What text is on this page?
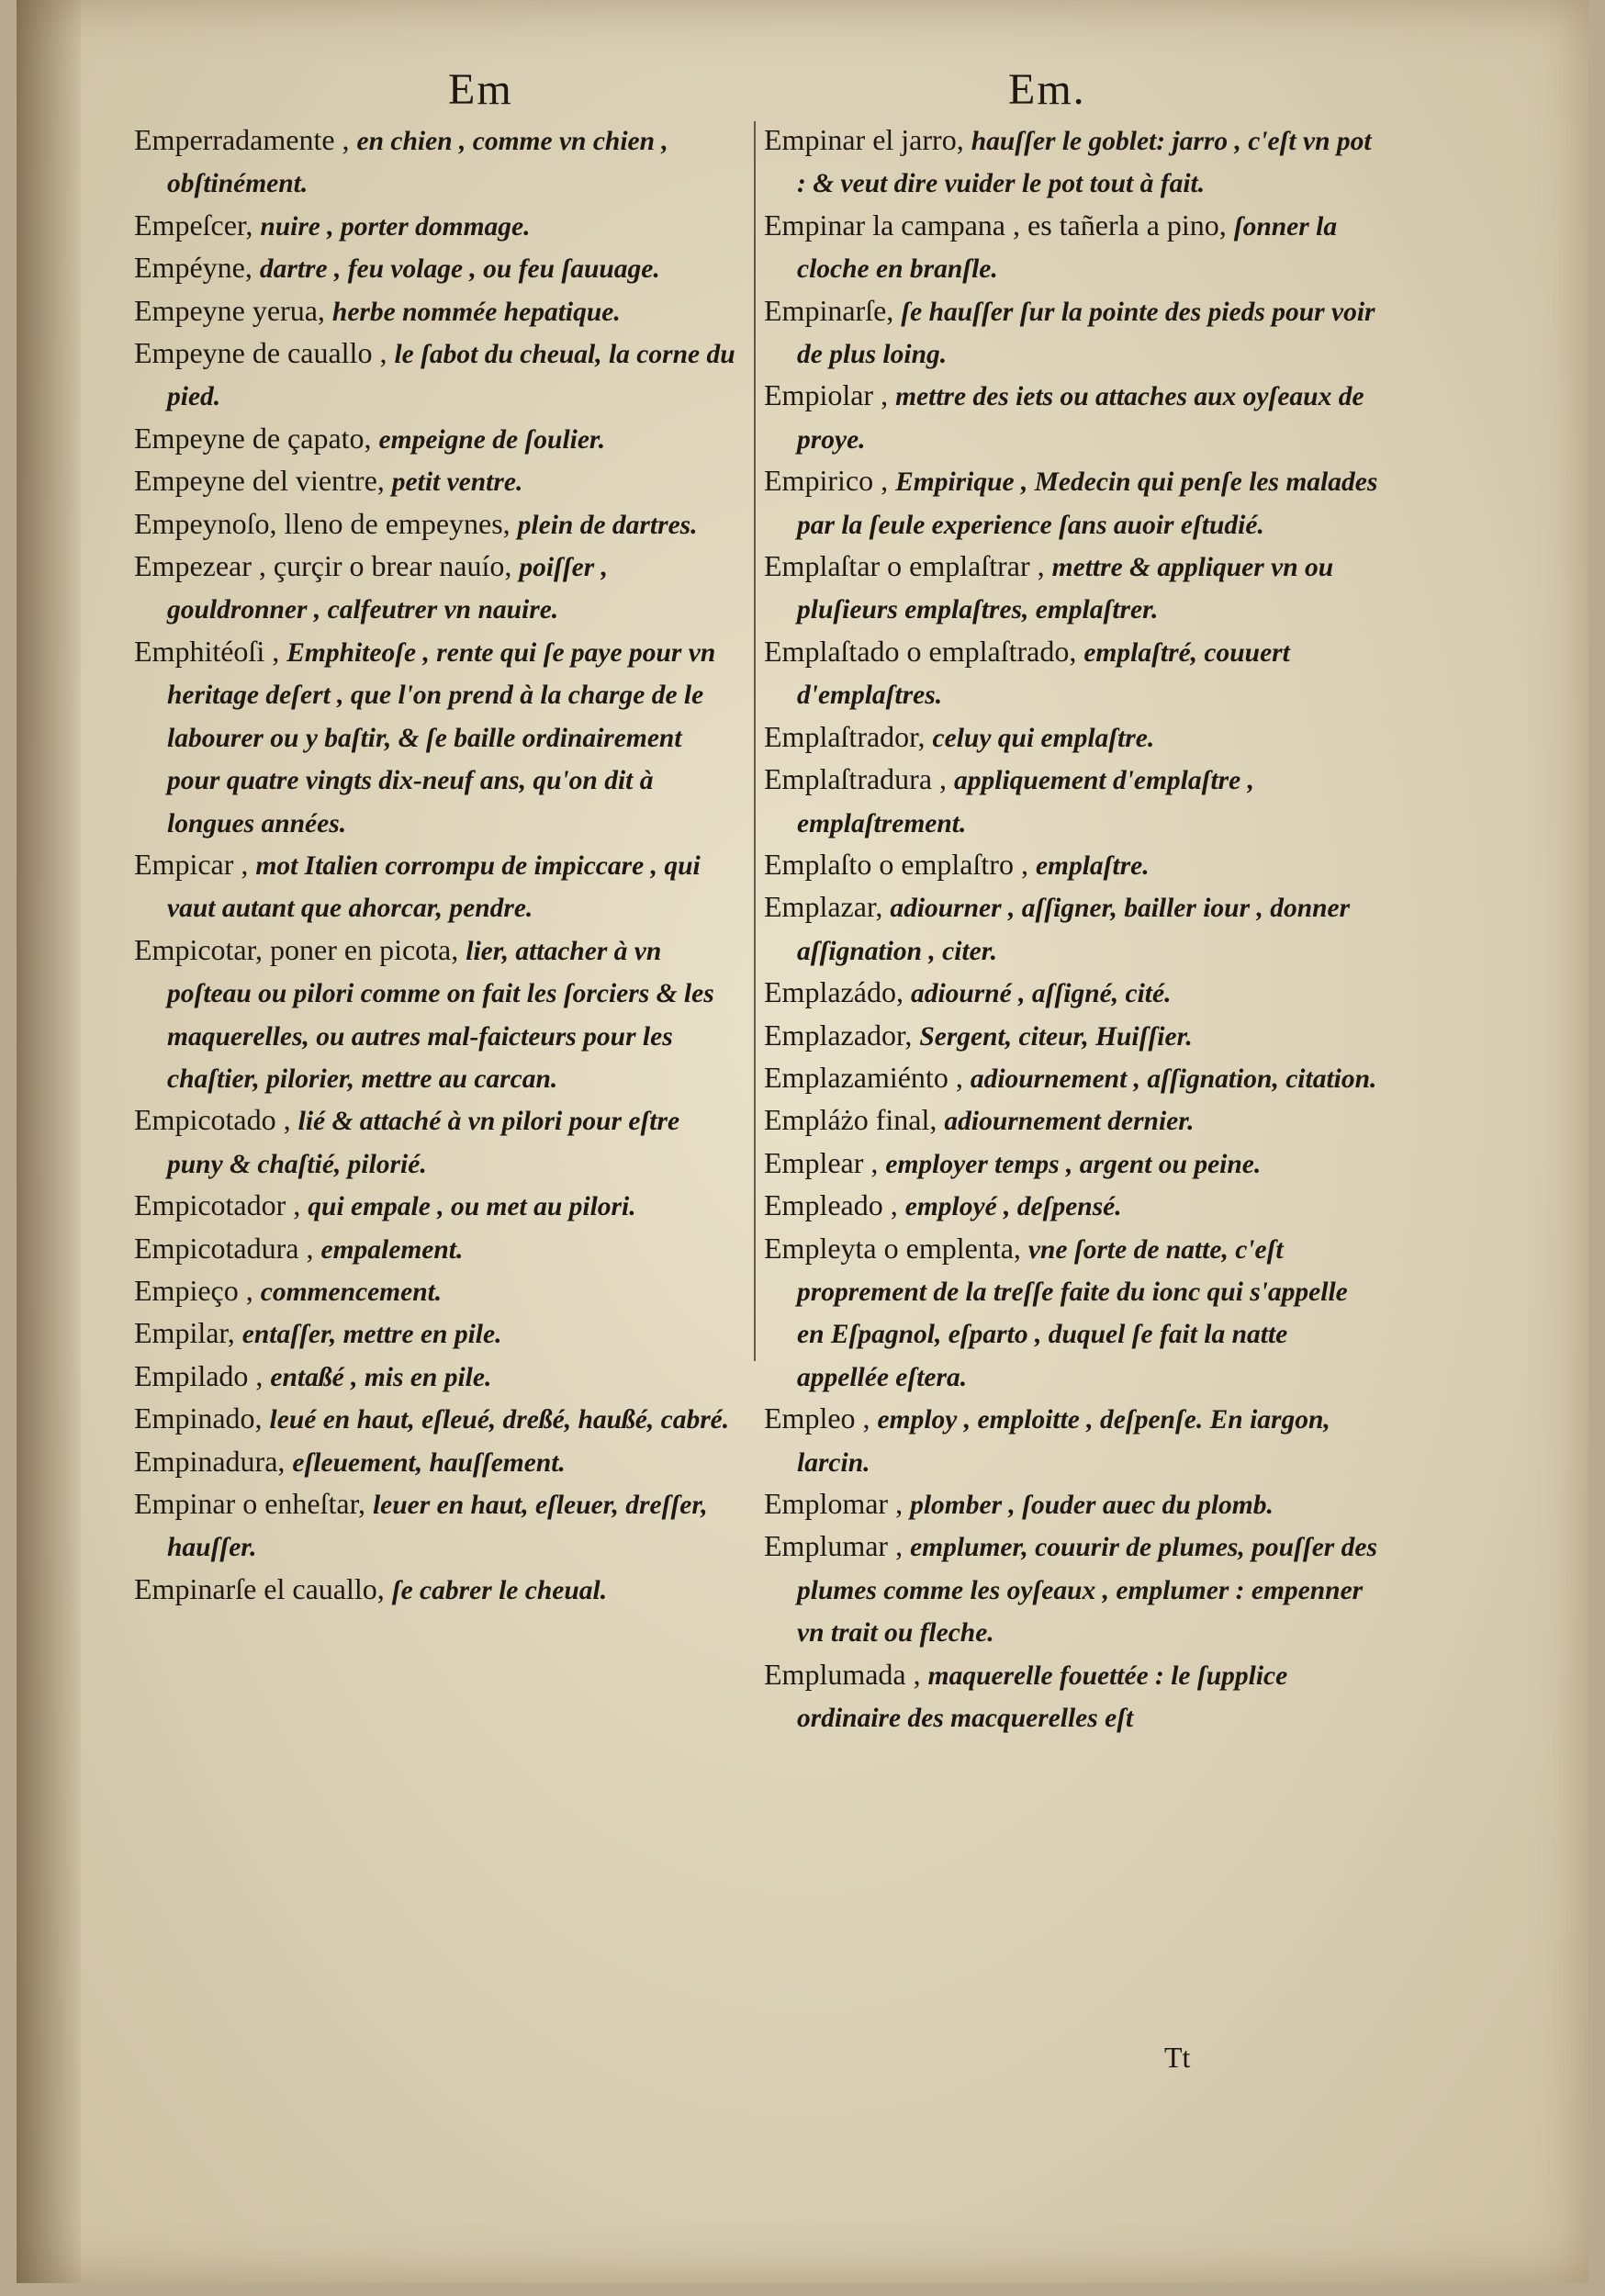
Em	Em.

Emperradamente , en chien , comme vn chien , obſtinément.

Empeſcer, nuire , porter dommage.

Empéyne, dartre , feu volage , ou feu ſauuage.

Empeyne yerua, herbe nommée hepatique.

Empeyne de cauallo , le ſabot du cheual, la corne du pied.

Empeyne de çapato, empeigne de ſoulier.

Empeyne del vientre, petit ventre.

Empeynoſo, lleno de empeynes, plein de dartres.

Empezear , çurçir o brear nauío, poiſſer , gouldronner , calfeutrer vn nauire.

Emphitéoſi , Emphiteoſe , rente qui ſe paye pour vn heritage deſert , que l'on prend à la charge de le labourer ou y baſtir, & ſe baille ordinairement pour quatre vingts dix-neuf ans, qu'on dit à longues années.

Empicar , mot Italien corrompu de impiccare , qui vaut autant que ahorcar, pendre.

Empicotar, poner en picota, lier, attacher à vn poſteau ou pilori comme on fait les ſorciers & les maquerelles, ou autres mal-faicteurs pour les chaſtier, pilorier, mettre au carcan.

Empicotado , lié & attaché à vn pilori pour eſtre puny & chaſtié, pilorié.

Empicotador , qui empale , ou met au pilori.

Empicotadura , empalement.

Empieço , commencement.

Empilar, entaſſer, mettre en pile.

Empilado , entaßé , mis en pile.

Empinado, leué en haut, eſleué, dreßé, haußé, cabré.

Empinadura, eſleuement, hauſſement.

Empinar o enheſtar, leuer en haut, eſleuer, dreſſer, hauſſer.

Empinarſe el cauallo, ſe cabrer le cheual.

Empinar el jarro, hauſſer le goblet: jarro , c'eſt vn pot : & veut dire vuider le pot tout à fait.

Empinar la campana , es tañerla a pino, ſonner la cloche en branſle.

Empinarſe, ſe hauſſer ſur la pointe des pieds pour voir de plus loing.

Empiolar , mettre des iets ou attaches aux oyſeaux de proye.

Empirico , Empirique , Medecin qui penſe les malades par la ſeule experience ſans auoir eſtudié.

Emplaſtar o emplaſtrar , mettre & appliquer vn ou pluſieurs emplaſtres, emplaſtrer.

Emplaſtado o emplaſtrado, emplaſtré, couuert d'emplaſtres.

Emplaſtrador, celuy qui emplaſtre.

Emplaſtradura , appliquement d'emplaſtre , emplaſtrement.

Emplaſto o emplaſtro , emplaſtre.

Emplazar, adiourner , aſſigner, bailler iour , donner aſſignation , citer.

Emplazádo, adiourné , aſſigné, cité.

Emplazador, Sergent, citeur, Huiſſier.

Emplazamiénto , adiournement , aſſignation, citation.

Empláżo final, adiournement dernier.

Emplear , employer temps , argent ou peine.

Empleado , employé , deſpensé.

Empleyta o emplenta, vne ſorte de natte, c'eſt proprement de la treſſe faite du ionc qui s'appelle en Eſpagnol, eſparto , duquel ſe fait la natte appellée eſtera.

Empleo , employ , emploitte , deſpenſe. En iargon, larcin.

Emplomar , plomber , ſouder auec du plomb.

Emplumar , emplumer, couurir de plumes, pouſſer des plumes comme les oyſeaux , emplumer : empenner vn trait ou fleche.

Emplumada , maquerelle fouettée : le ſupplice ordinaire des macquerelles eſt

Tt
